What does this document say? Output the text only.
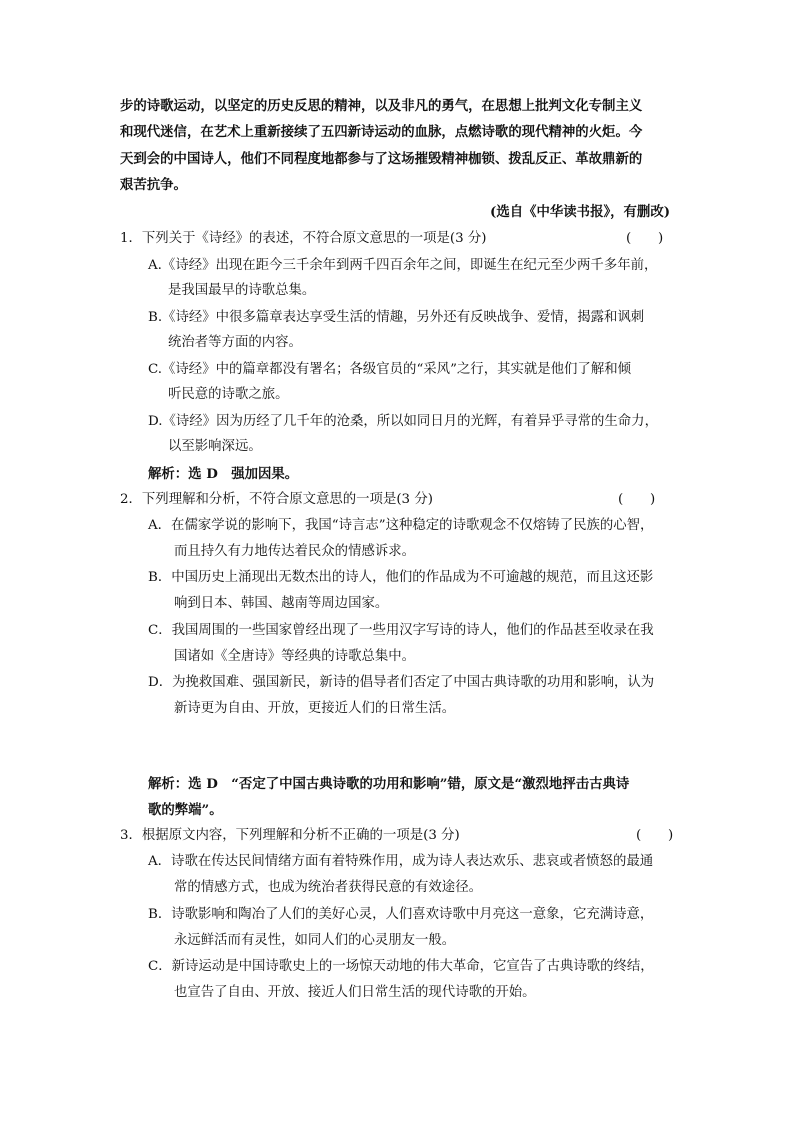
步的诗歌运动，以坚定的历史反思的精神，以及非凡的勇气，在思想上批判文化专制主义
和现代迷信，在艺术上重新接续了五四新诗运动的血脉，点燃诗歌的现代精神的火炬。今
天到会的中国诗人，他们不同程度地都参与了这场摧毁精神枷锁、拨乱反正、革故鼎新的
艰苦抗争。
(选自《中华读书报》，有删改)
1．下列关于《诗经》的表述，不符合原文意思的一项是(3 分)	(　　)
A.《诗经》出现在距今三千余年到两千四百余年之间，即诞生在纪元至少两千多年前，
是我国最早的诗歌总集。
B.《诗经》中很多篇章表达享受生活的情趣，另外还有反映战争、爱情，揭露和讽刺
统治者等方面的内容。
C.《诗经》中的篇章都没有署名；各级官员的“采风”之行，其实就是他们了解和倾
听民意的诗歌之旅。
D.《诗经》因为历经了几千年的沧桑，所以如同日月的光辉，有着异乎寻常的生命力，
以至影响深远。
解析：选 D　强加因果。
2．下列理解和分析，不符合原文意思的一项是(3 分)	(　　)
A．在儒家学说的影响下，我国“诗言志”这种稳定的诗歌观念不仅熔铸了民族的心智，
而且持久有力地传达着民众的情感诉求。
B．中国历史上涌现出无数杰出的诗人，他们的作品成为不可逾越的规范，而且这还影
响到日本、韩国、越南等周边国家。
C．我国周围的一些国家曾经出现了一些用汉字写诗的诗人，他们的作品甚至收录在我
国诸如《全唐诗》等经典的诗歌总集中。
D．为挽救国难、强国新民，新诗的倡导者们否定了中国古典诗歌的功用和影响，认为
新诗更为自由、开放，更接近人们的日常生活。
解析：选 D　“否定了中国古典诗歌的功用和影响”错，原文是“激烈地抨击古典诗
歌的弊端”。
3．根据原文内容，下列理解和分析不正确的一项是(3 分)	(　　)
A．诗歌在传达民间情绪方面有着特殊作用，成为诗人表达欢乐、悲哀或者愤怒的最通
常的情感方式，也成为统治者获得民意的有效途径。
B．诗歌影响和陶冶了人们的美好心灵，人们喜欢诗歌中月亮这一意象，它充满诗意，
永远鲜活而有灵性，如同人们的心灵朋友一般。
C．新诗运动是中国诗歌史上的一场惊天动地的伟大革命，它宣告了古典诗歌的终结，
也宣告了自由、开放、接近人们日常生活的现代诗歌的开始。
